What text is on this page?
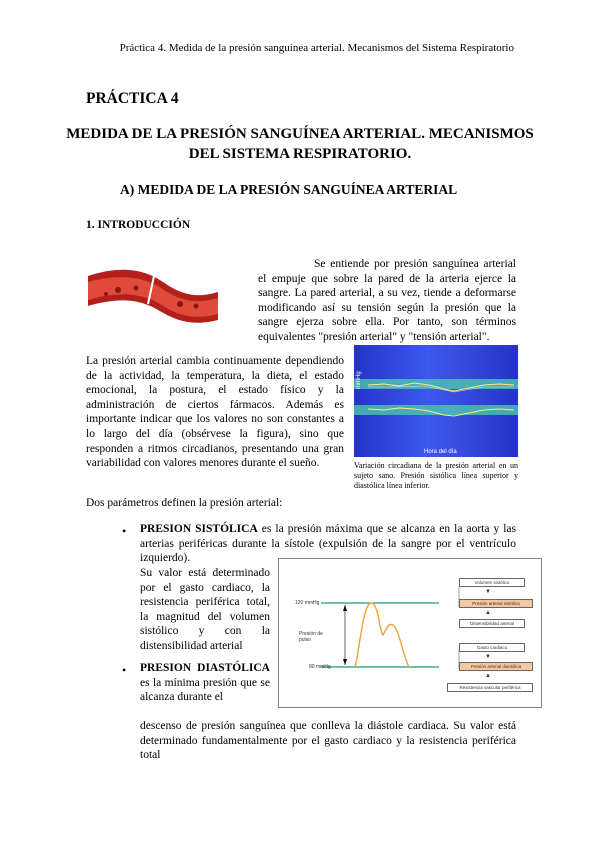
Práctica 4. Medida de la presión sanguínea arterial. Mecanismos del Sistema Respiratorio
PRÁCTICA 4
MEDIDA DE LA PRESIÓN SANGUÍNEA ARTERIAL. MECANISMOS DEL SISTEMA RESPIRATORIO.
A) MEDIDA DE LA PRESIÓN SANGUÍNEA ARTERIAL
1. INTRODUCCIÓN
Se entiende por presión sanguínea arterial el empuje que sobre la pared de la arteria ejerce la sangre. La pared arterial, a su vez, tiende a deformarse modificando así su tensión según la presión que la sangre ejerza sobre ella. Por tanto, son términos equivalentes "presión arterial" y "tensión arterial".
La presión arterial cambia continuamente dependiendo de la actividad, la temperatura, la dieta, el estado emocional, la postura, el estado físico y la administración de ciertos fármacos. Además es importante indicar que los valores no son constantes a lo largo del día (obsérvese la figura), sino que responden a ritmos circadianos, presentando una gran variabilidad con valores menores durante el sueño.
mmHg
Hora del día
Variación circadiana de la presión arterial en un sujeto sano. Presión sistólica línea superior y diastólica línea inferior.
Dos parámetros definen la presión arterial:
• PRESION SISTÓLICA es la presión máxima que se alcanza en la aorta y las arterias periféricas durante la sístole (expulsión de la sangre por el ventrículo izquierdo).
Su valor está determinado por el gasto cardiaco, la resistencia periférica total, la magnitud del volumen sistólico y con la distensibilidad arterial
• PRESION DIASTÓLICA es la mínima presión que se alcanza durante el
descenso de presión sanguínea que conlleva la diástole cardiaca. Su valor está determinado fundamentalmente por el gasto cardiaco y la resistencia periférica total
120 mmHg
80 mmHg
Presión de pulso
Volumen sistólico
▼
Presión arterial sistólica
▲
Distensibilidad arterial
Gasto cardiaco
▼
Presión arterial diastólica
▲
Resistencia vascular periférica
